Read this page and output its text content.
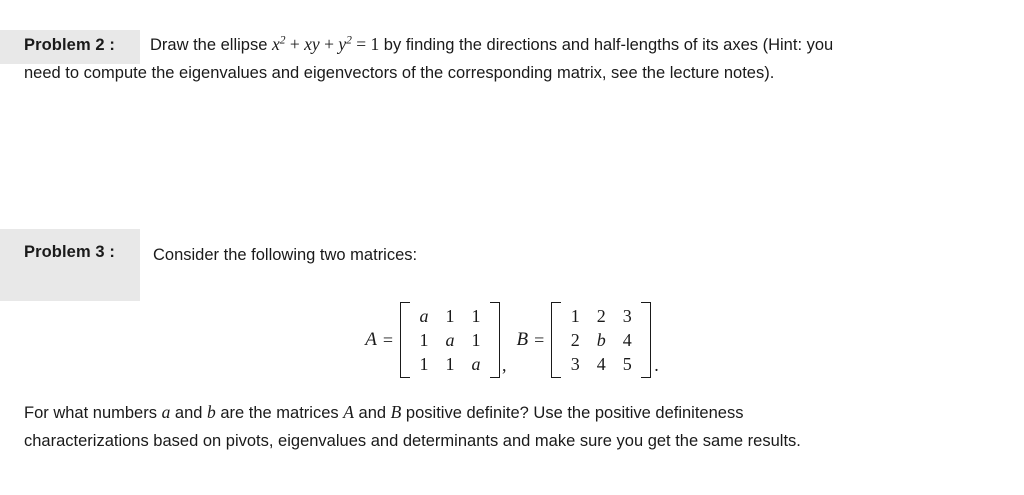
Problem 2 : Draw the ellipse $x^2$ + xy + $y^2 = 1$ by finding the directions and half-lengths of its axes (Hint: you
need to compute the eigenvalues and eigenvectors of the corresponding matrix, see the lecture notes).
Problem 3 : Consider the following two matrices:
A =
a 1 1
1 a 1
1 1 a ,
B =
1 2 3
2 b 4
3 4 5 .
For what numbers a and b are the matrices A and B positive definite? Use the positive definiteness
characterizations based on pivots, eigenvalues and determinants and make sure you get the same results.
